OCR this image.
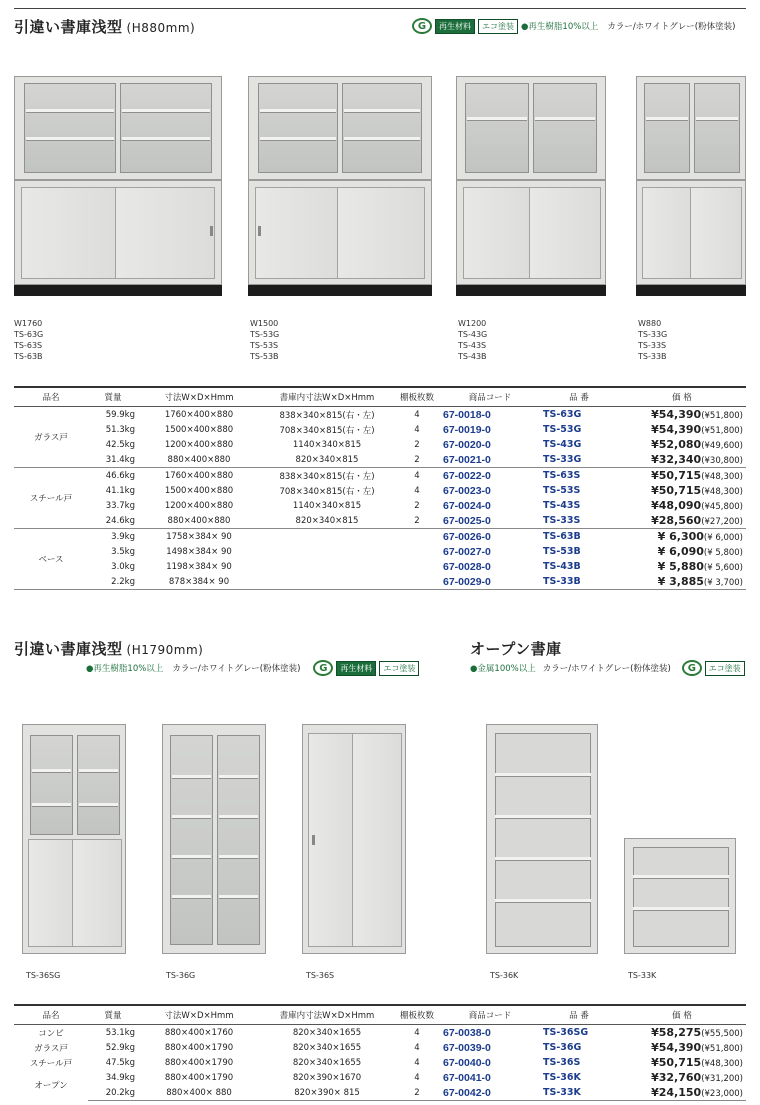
引違い書庫浅型 (H880mm)	G	再生材料	エコ塗装 ●再生樹脂10%以上 カラー/ホワイトグレー(粉体塗装)
W1760
TS-63G
TS-63S
TS-63B
W1500
TS-53G
TS-53S
TS-53B
W1200
TS-43G
TS-43S
TS-43B
W880
TS-33G
TS-33S
TS-33B
品名	質量	寸法W×D×Hmm	書庫内寸法W×D×Hmm	棚板枚数	商品コード	品 番	価 格
ガラス戸	59.9kg	1760×400×880	838×340×815(右・左)	4	67-0018-0	TS-63G	¥54,390(¥51,800)
	51.3kg	1500×400×880	708×340×815(右・左)	4	67-0019-0	TS-53G	¥54,390(¥51,800)
	42.5kg	1200×400×880	1140×340×815	2	67-0020-0	TS-43G	¥52,080(¥49,600)
	31.4kg	880×400×880	820×340×815	2	67-0021-0	TS-33G	¥32,340(¥30,800)
スチール戸	46.6kg	1760×400×880	838×340×815(右・左)	4	67-0022-0	TS-63S	¥50,715(¥48,300)
	41.1kg	1500×400×880	708×340×815(右・左)	4	67-0023-0	TS-53S	¥50,715(¥48,300)
	33.7kg	1200×400×880	1140×340×815	2	67-0024-0	TS-43S	¥48,090(¥45,800)
	24.6kg	880×400×880	820×340×815	2	67-0025-0	TS-33S	¥28,560(¥27,200)
ベース	3.9kg	1758×384× 90			67-0026-0	TS-63B	¥ 6,300(¥ 6,000)
	3.5kg	1498×384× 90			67-0027-0	TS-53B	¥ 6,090(¥ 5,800)
	3.0kg	1198×384× 90			67-0028-0	TS-43B	¥ 5,880(¥ 5,600)
	2.2kg	878×384× 90			67-0029-0	TS-33B	¥ 3,885(¥ 3,700)
引違い書庫浅型 (H1790mm)
●再生樹脂10%以上 カラー/ホワイトグレー(粉体塗装)	G	再生材料	エコ塗装
オープン書庫
●金属100%以上 カラー/ホワイトグレー(粉体塗装)	G	エコ塗装
TS-36SG	TS-36G	TS-36S	TS-36K	TS-33K
品名	質量	寸法W×D×Hmm	書庫内寸法W×D×Hmm	棚板枚数	商品コード	品 番	価 格
コンビ	53.1kg	880×400×1760	820×340×1655	4	67-0038-0	TS-36SG	¥58,275(¥55,500)
ガラス戸	52.9kg	880×400×1790	820×340×1655	4	67-0039-0	TS-36G	¥54,390(¥51,800)
スチール戸	47.5kg	880×400×1790	820×340×1655	4	67-0040-0	TS-36S	¥50,715(¥48,300)
オープン	34.9kg	880×400×1790	820×390×1670	4	67-0041-0	TS-36K	¥32,760(¥31,200)
	20.2kg	880×400× 880	820×390× 815	2	67-0042-0	TS-33K	¥24,150(¥23,000)
